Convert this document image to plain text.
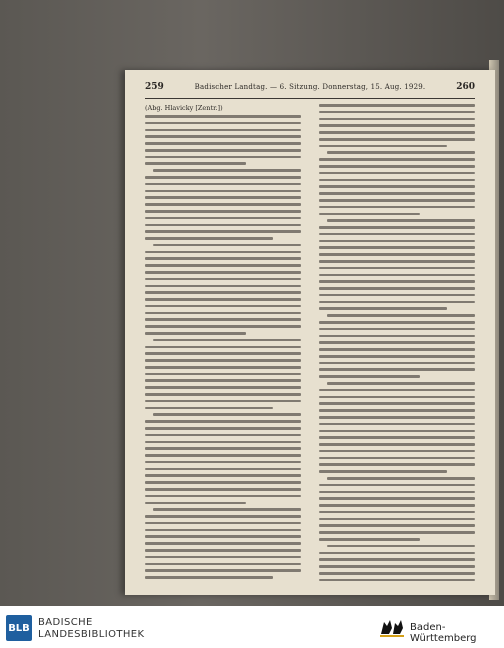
259	Badischer Landtag. — 6. Sitzung. Donnerstag, 15. Aug. 1929.	260
(Abg. Hlavicky [Zentr.])
BLB BADISCHE
LANDESBIBLIOTHEK
Baden-Württemberg
